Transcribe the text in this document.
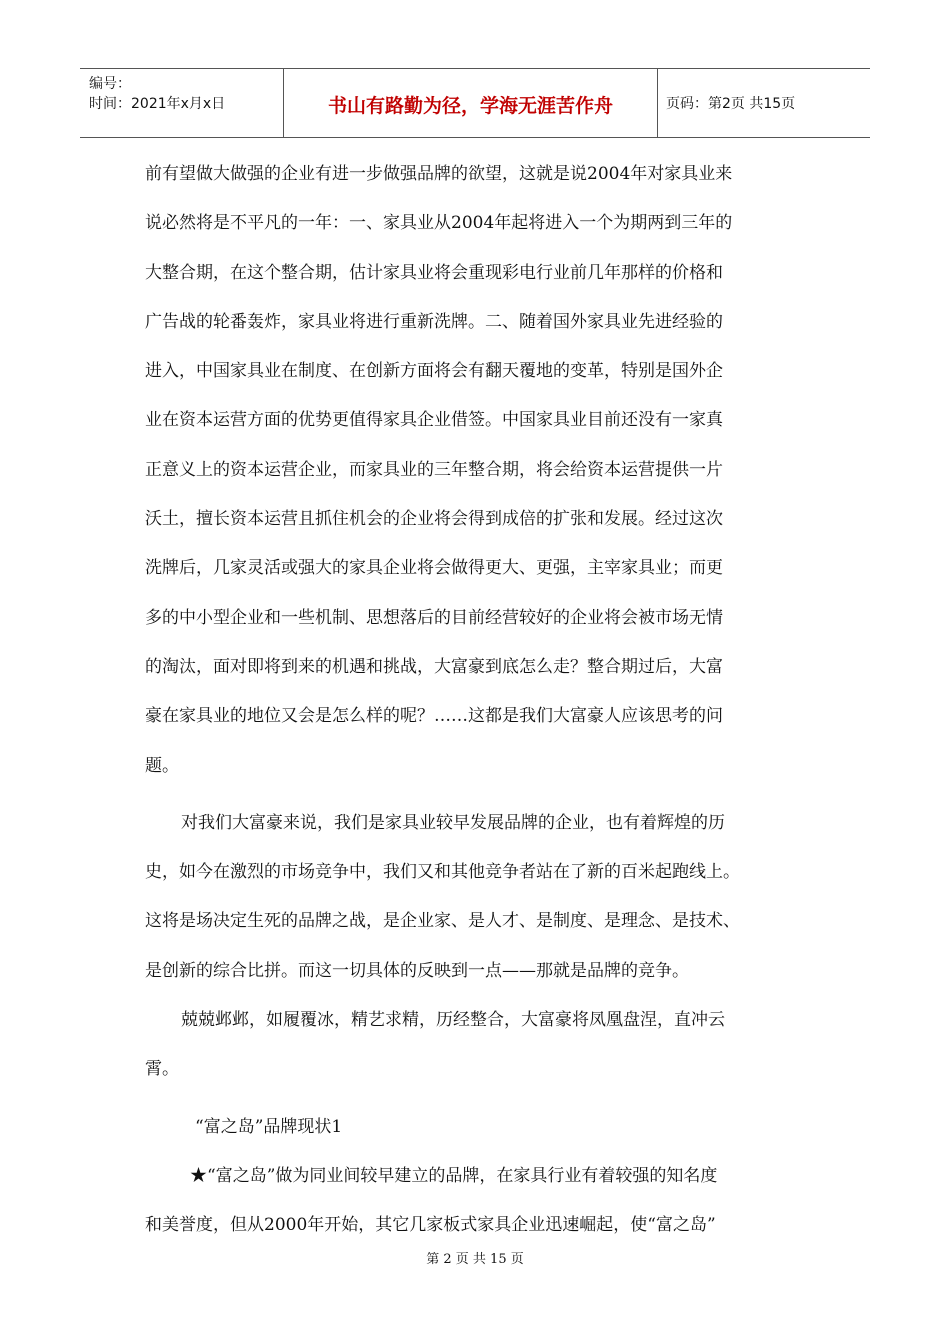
编号：
时间：2021年x月x日	书山有路勤为径，学海无涯苦作舟	页码：第2页 共15页
前有望做大做强的企业有进一步做强品牌的欲望，这就是说2004年对家具业来
说必然将是不平凡的一年：一、家具业从2004年起将进入一个为期两到三年的
大整合期，在这个整合期，估计家具业将会重现彩电行业前几年那样的价格和
广告战的轮番轰炸，家具业将进行重新洗牌。二、随着国外家具业先进经验的
进入，中国家具业在制度、在创新方面将会有翻天覆地的变革，特别是国外企
业在资本运营方面的优势更值得家具企业借签。中国家具业目前还没有一家真
正意义上的资本运营企业，而家具业的三年整合期，将会给资本运营提供一片
沃土，擅长资本运营且抓住机会的企业将会得到成倍的扩张和发展。经过这次
洗牌后，几家灵活或强大的家具企业将会做得更大、更强，主宰家具业；而更
多的中小型企业和一些机制、思想落后的目前经营较好的企业将会被市场无情
的淘汰，面对即将到来的机遇和挑战，大富豪到底怎么走？整合期过后，大富
豪在家具业的地位又会是怎么样的呢？……这都是我们大富豪人应该思考的问
题。
对我们大富豪来说，我们是家具业较早发展品牌的企业，也有着辉煌的历
史，如今在激烈的市场竞争中，我们又和其他竞争者站在了新的百米起跑线上。
这将是场决定生死的品牌之战，是企业家、是人才、是制度、是理念、是技术、
是创新的综合比拼。而这一切具体的反映到一点——那就是品牌的竞争。
兢兢邺邺，如履覆冰，精艺求精，历经整合，大富豪将凤凰盘涅，直冲云
霄。
“富之岛”品牌现状1
★“富之岛”做为同业间较早建立的品牌，在家具行业有着较强的知名度
和美誉度，但从2000年开始，其它几家板式家具企业迅速崛起，使“富之岛”
第 2 页 共 15 页
